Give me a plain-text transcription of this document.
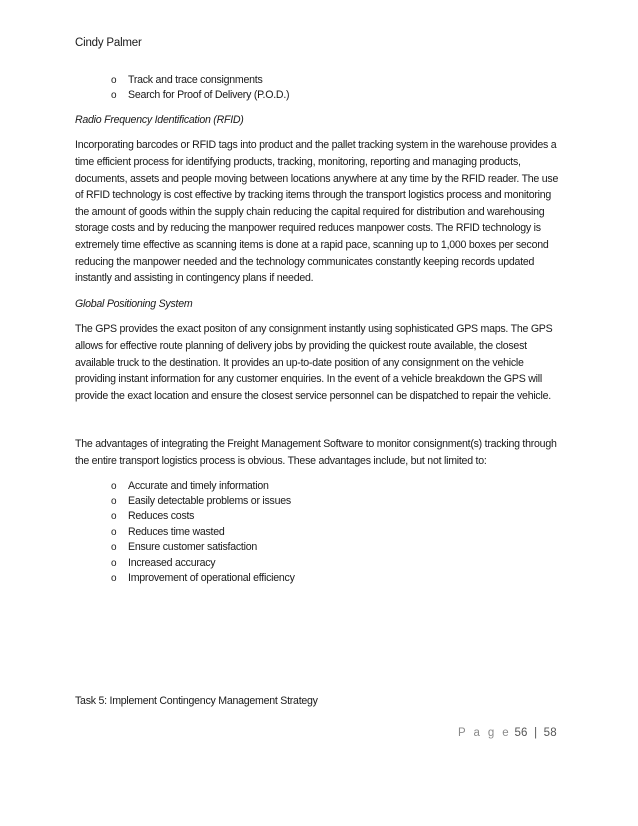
Cindy Palmer
o Track and trace consignments
o Search for Proof of Delivery (P.O.D.)

Radio Frequency Identification (RFID)

Incorporating barcodes or RFID tags into product and the pallet tracking system in the warehouse provides a time efficient process for identifying products, tracking, monitoring, reporting and managing products, documents, assets and people moving between locations anywhere at any time by the RFID reader. The use of RFID technology is cost effective by tracking items through the transport logistics process and monitoring the amount of goods within the supply chain reducing the capital required for distribution and warehousing storage costs and by reducing the manpower required reduces manpower costs. The RFID technology is extremely time effective as scanning items is done at a rapid pace, scanning up to 1,000 boxes per second reducing the manpower needed and the technology communicates constantly keeping records updated instantly and assisting in contingency plans if needed.

Global Positioning System

The GPS provides the exact positon of any consignment instantly using sophisticated GPS maps. The GPS allows for effective route planning of delivery jobs by providing the quickest route available, the closest available truck to the destination. It provides an up-to-date position of any consignment on the vehicle providing instant information for any customer enquiries. In the event of a vehicle breakdown the GPS will provide the exact location and ensure the closest service personnel can be dispatched to repair the vehicle.

The advantages of integrating the Freight Management Software to monitor consignment(s) tracking through the entire transport logistics process is obvious. These advantages include, but not limited to:

o Accurate and timely information
o Easily detectable problems or issues
o Reduces costs
o Reduces time wasted
o Ensure customer satisfaction
o Increased accuracy
o Improvement of operational efficiency

Task 5: Implement Contingency Management Strategy

P a g e 56 | 58
